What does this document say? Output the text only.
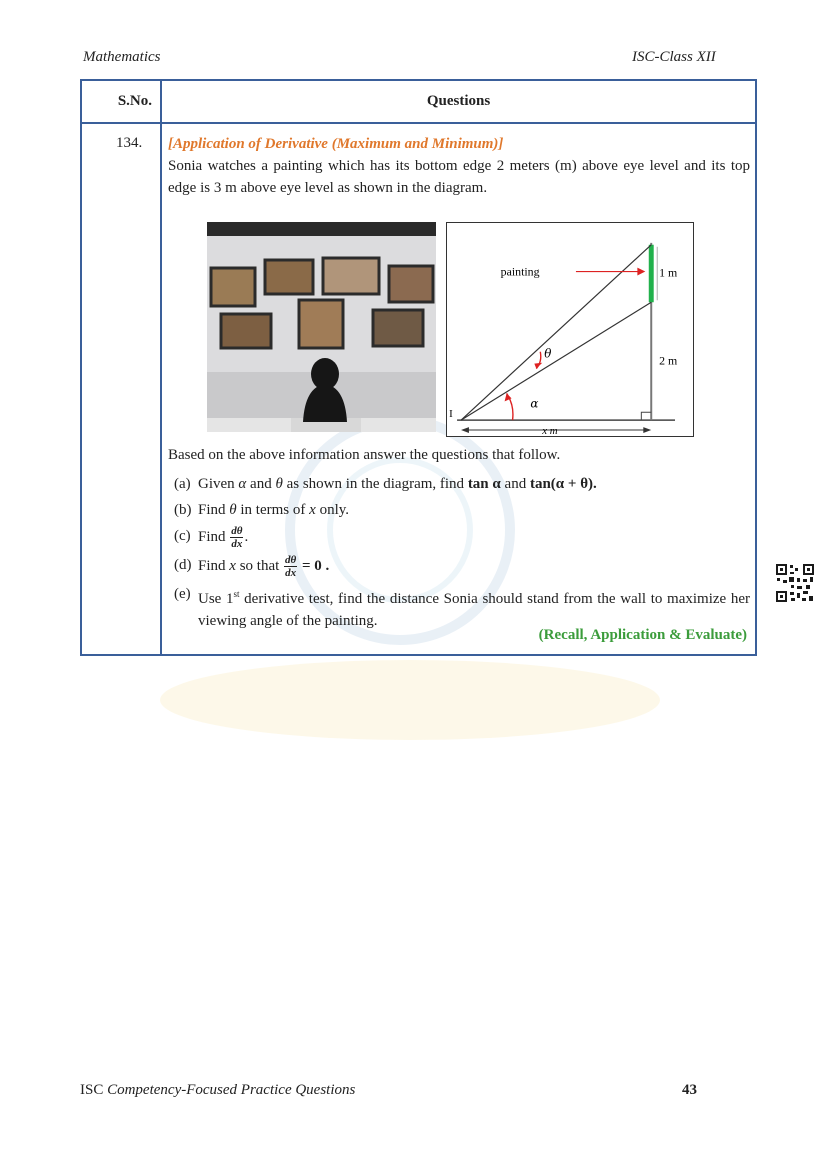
Mathematics	ISC-Class XII
S.No.	Questions
134. [Application of Derivative (Maximum and Minimum)]
Sonia watches a painting which has its bottom edge 2 meters (m) above eye level and its top edge is 3 m above eye level as shown in the diagram.
painting	1 m
2 m
θ
α
x m
I
Based on the above information answer the questions that follow.
(a) Given α and θ as shown in the diagram, find tan α and tan(α + θ).
(b) Find θ in terms of x only.
(c) Find $\frac{d\theta}{dx}$ .
(d) Find x so that $\frac{d\theta}{dx} = 0$ .
(e) Use 1st derivative test, find the distance Sonia should stand from the wall to maximize her viewing angle of the painting.
(Recall, Application & Evaluate)
ISC Competency-Focused Practice Questions	43
